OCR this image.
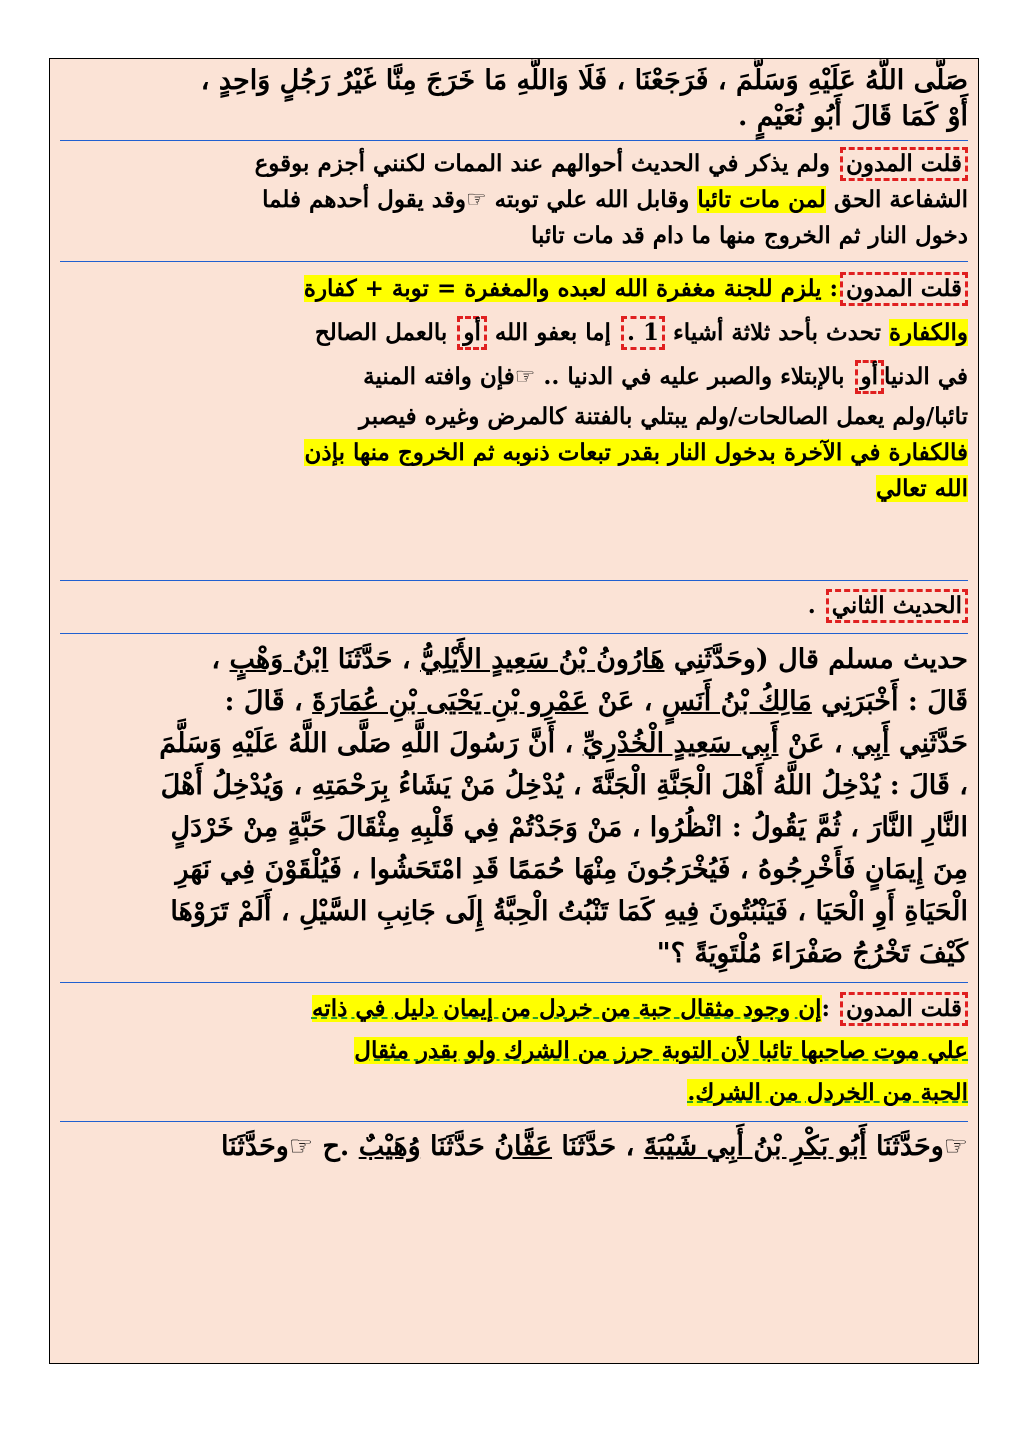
صَلَّى اللَّهُ عَلَيْهِ وَسَلَّمَ ، فَرَجَعْنَا ، فَلَا وَاللَّهِ مَا خَرَجَ مِنَّا غَيْرُ رَجُلٍ وَاحِدٍ ،
أَوْ كَمَا قَالَ أَبُو نُعَيْمٍ .
قلت المدون ولم يذكر في الحديث أحوالهم عند الممات لكنني أجزم بوقوع
الشفاعة الحق لمن مات تائبا وقابل الله علي توبته ☞وقد يقول أحدهم فلما
دخول النار ثم الخروج منها ما دام قد مات تائبا
قلت المدون: يلزم للجنة مغفرة الله لعبده والمغفرة = توبة + كفارة
والكفارة تحدث بأحد ثلاثة أشياء 1 . إما بعفو الله أو بالعمل الصالح
في الدنياأو بالإبتلاء والصبر عليه في الدنيا .. ☞فإن وافته المنية
تائبا/ولم يعمل الصالحات/ولم يبتلي بالفتنة كالمرض وغيره فيصبر
فالكفارة في الآخرة بدخول النار بقدر تبعات ذنوبه ثم الخروج منها بإذن
الله تعالي
الحديث الثاني .
حديث مسلم قال (وحَدَّثَنِي هَارُونُ بْنُ سَعِيدٍ الأَيْلِيُّ ، حَدَّثَنَا ابْنُ وَهْبٍ ،
قَالَ : أَخْبَرَنِي مَالِكُ بْنُ أَنَسٍ ، عَنْ عَمْرِو بْنِ يَحْيَى بْنِ عُمَارَةَ ، قَالَ :
حَدَّثَنِي أَبِي ، عَنْ أَبِي سَعِيدٍ الْخُدْرِيِّ ، أَنَّ رَسُولَ اللَّهِ صَلَّى اللَّهُ عَلَيْهِ وَسَلَّمَ
، قَالَ : يُدْخِلُ اللَّهُ أَهْلَ الْجَنَّةِ الْجَنَّةَ ، يُدْخِلُ مَنْ يَشَاءُ بِرَحْمَتِهِ ، وَيُدْخِلُ أَهْلَ
النَّارِ النَّارَ ، ثُمَّ يَقُولُ : انْظُرُوا ، مَنْ وَجَدْتُمْ فِي قَلْبِهِ مِثْقَالَ حَبَّةٍ مِنْ خَرْدَلٍ
مِنَ إِيمَانٍ فَأَخْرِجُوهُ ، فَيُخْرَجُونَ مِنْهَا حُمَمًا قَدِ امْتَحَشُوا ، فَيُلْقَوْنَ فِي نَهَرِ
الْحَيَاةِ أَوِ الْحَيَا ، فَيَنْبُتُونَ فِيهِ كَمَا تَنْبُتُ الْحِبَّةُ إِلَى جَانِبِ السَّيْلِ ، أَلَمْ تَرَوْهَا
كَيْفَ تَخْرُجُ صَفْرَاءَ مُلْتَوِيَةً ؟"
قلت المدون :إن وجود مثقال حبة من خردل من إيمان دليل في ذاته
علي موت صاحبها تائبا لأن التوبة حرز من الشرك ولو بقدر مثقال
الحبة من الخردل من الشرك.
☞وحَدَّثَنَا أَبُو بَكْرِ بْنُ أَبِي شَيْبَةَ ، حَدَّثَنَا عَفَّانُ حَدَّثَنَا وُهَيْبٌ .ح ☞وحَدَّثَنَا
